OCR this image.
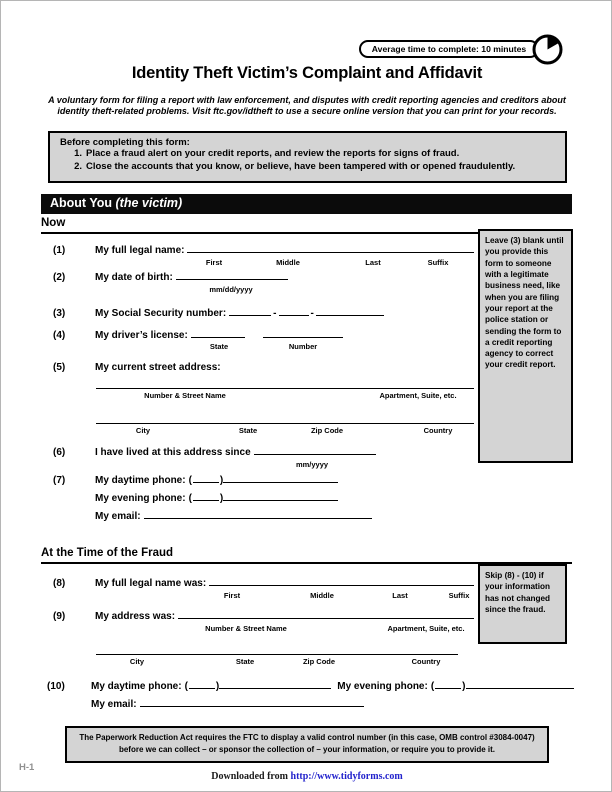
Average time to complete: 10 minutes
Identity Theft Victim’s Complaint and Affidavit
A voluntary form for filing a report with law enforcement, and disputes with credit reporting agencies and creditors about identity theft-related problems. Visit ftc.gov/idtheft to use a secure online version that you can print for your records.
Before completing this form:
1. Place a fraud alert on your credit reports, and review the reports for signs of fraud.
2. Close the accounts that you know, or believe, have been tampered with or opened fraudulently.
About You (the victim)
Now
Leave (3) blank until you provide this form to someone with a legitimate business need, like when you are filing your report at the police station or sending the form to a credit reporting agency to correct your credit report.
(1)	My full legal name:
First	Middle	Last	Suffix
(2)	My date of birth:
mm/dd/yyyy
(3)	My Social Security number:	-	-
(4)	My driver’s license:
State	Number
(5)	My current street address:
Number & Street Name	Apartment, Suite, etc.
City	State	Zip Code	Country
(6)	I have lived at this address since
mm/yyyy
(7)	My daytime phone: (	)
My evening phone: (	)
My email:
At the Time of the Fraud
Skip (8) - (10) if your information has not changed since the fraud.
(8)	My full legal name was:
First	Middle	Last	Suffix
(9)	My address was:
Number & Street Name	Apartment, Suite, etc.
City	State	Zip Code	Country
(10)	My daytime phone: (	)	My evening phone: (	)
My email:
The Paperwork Reduction Act requires the FTC to display a valid control number (in this case, OMB control #3084-0047)
before we can collect – or sponsor the collection of – your information, or require you to provide it.
H-1
Downloaded from http://www.tidyforms.com
